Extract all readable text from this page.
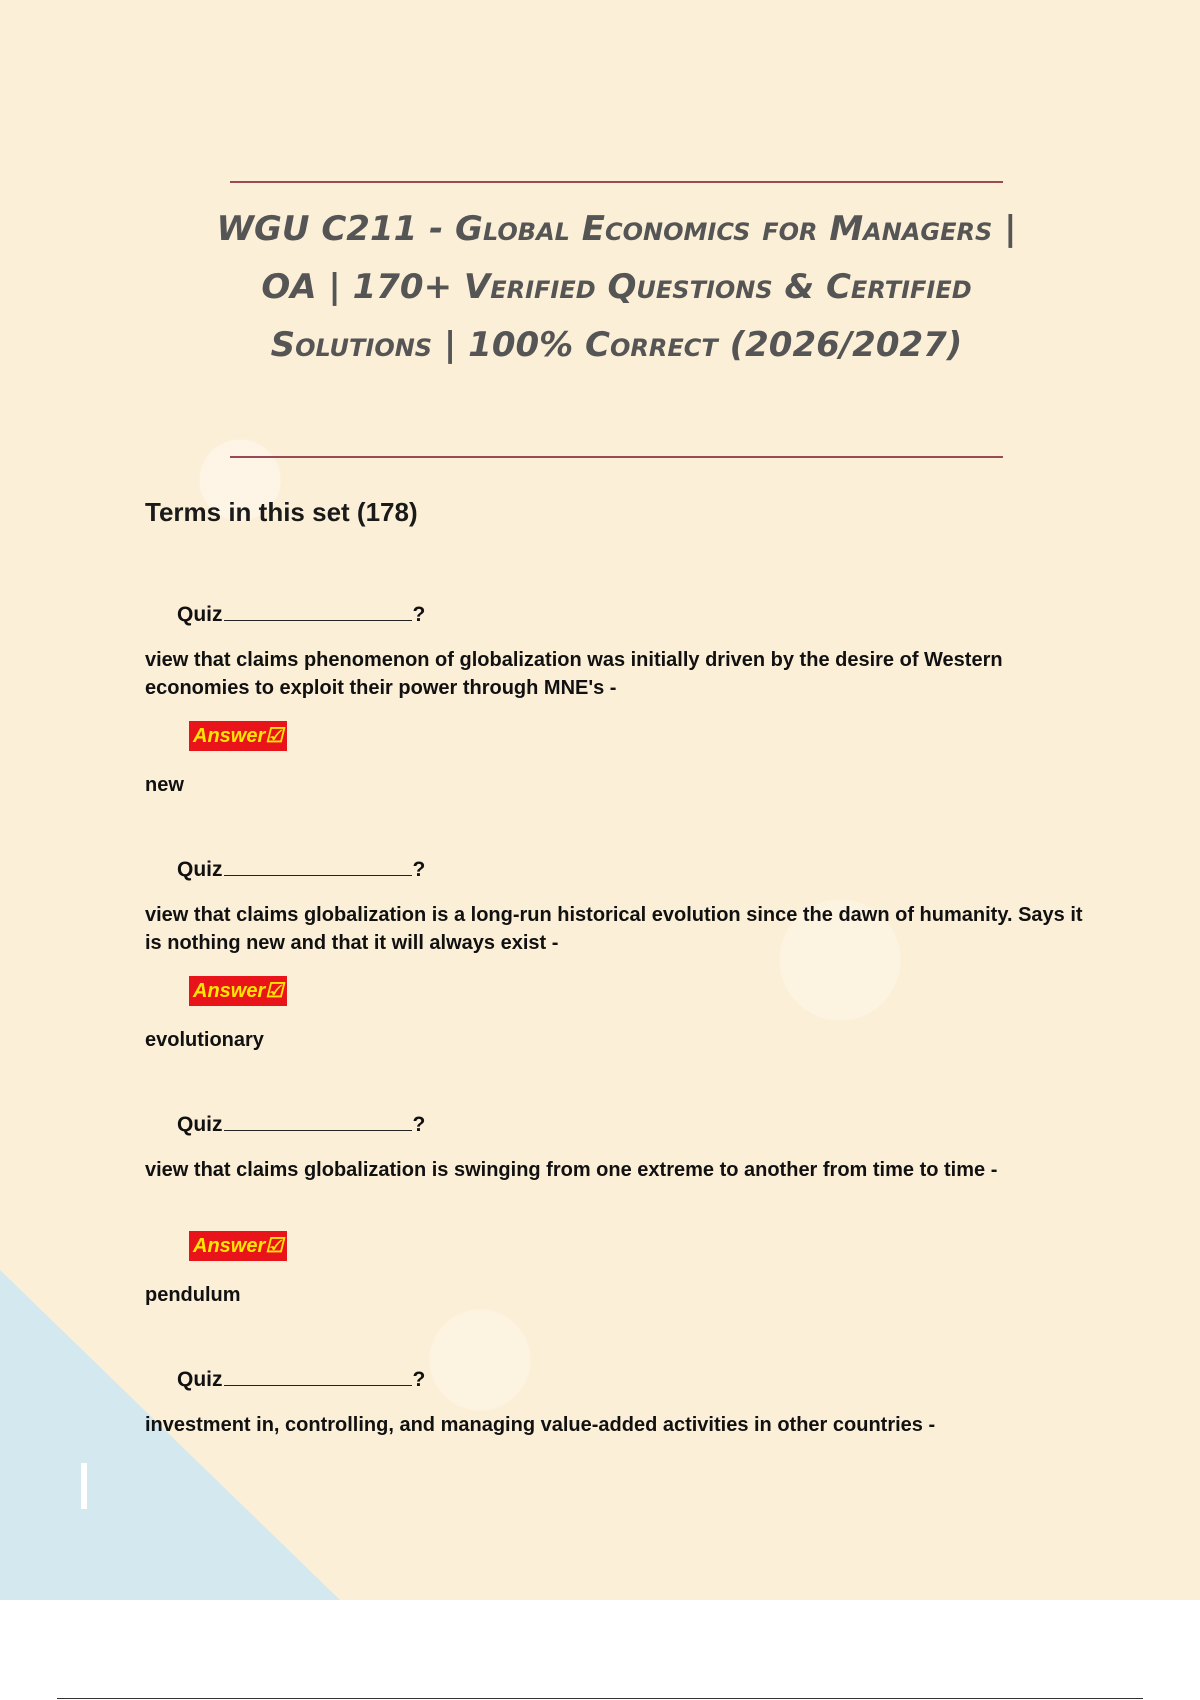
WGU C211 - Global Economics for Managers | OA | 170+ Verified Questions & Certified Solutions | 100% Correct (2026/2027)
Terms in this set (178)
Quiz	?
view that claims phenomenon of globalization was initially driven by the desire of Western economies to exploit their power through MNE's -
Answer☑
new
Quiz	?
view that claims globalization is a long-run historical evolution since the dawn of humanity. Says it is nothing new and that it will always exist -
Answer☑
evolutionary
Quiz	?
view that claims globalization is swinging from one extreme to another from time to time -
Answer☑
pendulum
Quiz	?
investment in, controlling, and managing value-added activities in other countries -
